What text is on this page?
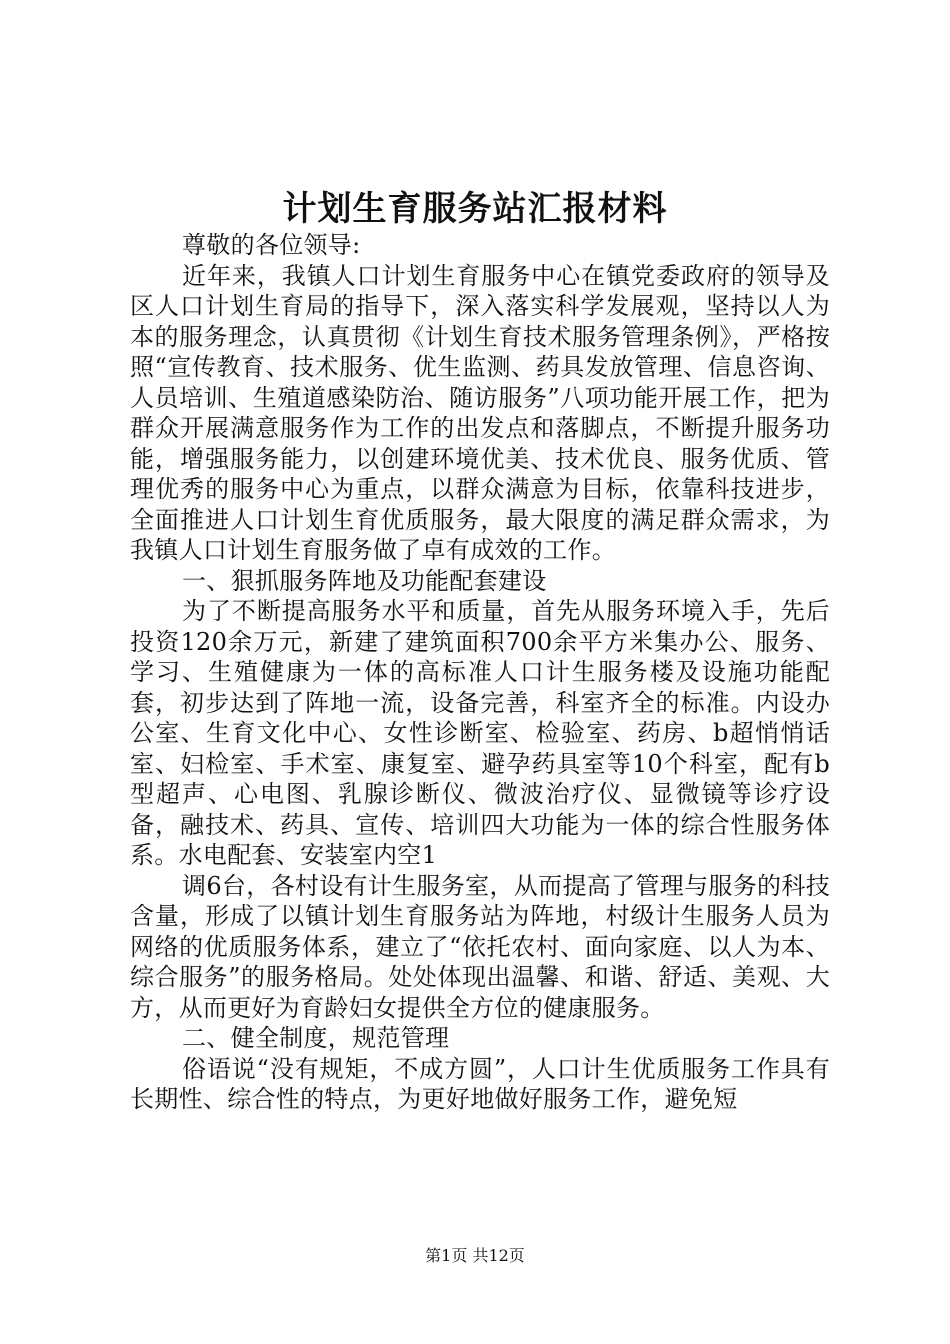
计划生育服务站汇报材料

尊敬的各位领导:

近年来，我镇人口计划生育服务中心在镇党委政府的领导及区人口计划生育局的指导下，深入落实科学发展观，坚持以人为本的服务理念，认真贯彻《计划生育技术服务管理条例》，严格按照“宣传教育、技术服务、优生监测、药具发放管理、信息咨询、人员培训、生殖道感染防治、随访服务”八项功能开展工作，把为群众开展满意服务作为工作的出发点和落脚点，不断提升服务功能，增强服务能力，以创建环境优美、技术优良、服务优质、管理优秀的服务中心为重点，以群众满意为目标，依靠科技进步，全面推进人口计划生育优质服务，最大限度的满足群众需求，为我镇人口计划生育服务做了卓有成效的工作。

一、狠抓服务阵地及功能配套建设

为了不断提高服务水平和质量，首先从服务环境入手，先后投资120余万元，新建了建筑面积700余平方米集办公、服务、学习、生殖健康为一体的高标准人口计生服务楼及设施功能配套，初步达到了阵地一流，设备完善，科室齐全的标准。内设办公室、生育文化中心、女性诊断室、检验室、药房、b超悄悄话室、妇检室、手术室、康复室、避孕药具室等10个科室，配有b型超声、心电图、乳腺诊断仪、微波治疗仪、显微镜等诊疗设备，融技术、药具、宣传、培训四大功能为一体的综合性服务体系。水电配套、安装室内空1

调6台，各村设有计生服务室，从而提高了管理与服务的科技含量，形成了以镇计划生育服务站为阵地，村级计生服务人员为网络的优质服务体系，建立了“依托农村、面向家庭、以人为本、综合服务”的服务格局。处处体现出温馨、和谐、舒适、美观、大方，从而更好为育龄妇女提供全方位的健康服务。

二、健全制度，规范管理

俗语说“没有规矩，不成方圆”，人口计生优质服务工作具有长期性、综合性的特点，为更好地做好服务工作，避免短

第1页 共12页
